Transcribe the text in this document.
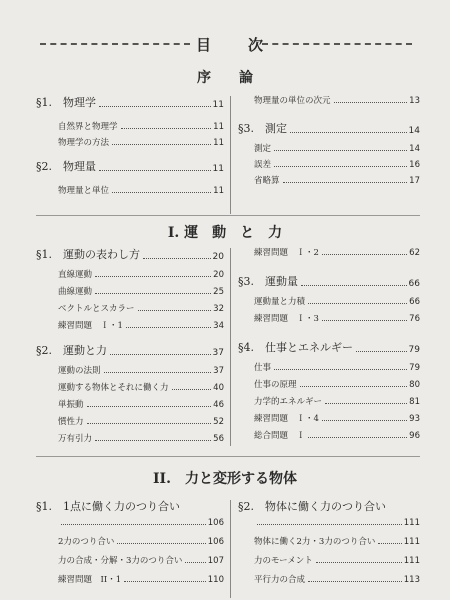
目 次
序　　論
§1.　物理学	11
自然界と物理学	11
物理学の方法	11
§2.　物理量	11
物理量と単位	11
物理量の単位の次元	13
§3.　測定	14
測定	14
誤差	16
省略算	17
I. 運　動　と　力
§1.　運動の表わし方	20
直線運動	20
曲線運動	25
ベクトルとスカラー	32
練習問題　Ｉ・1	34
§2.　運動と力	37
運動の法則	37
運動する物体とそれに働く力	40
単振動	46
慣性力	52
万有引力	56
練習問題　Ｉ・2	62
§3.　運動量	66
運動量と力積	66
練習問題　Ｉ・3	76
§4.　仕事とエネルギー	79
仕事	79
仕事の原理	80
力学的エネルギー	81
練習問題　Ｉ・4	93
総合問題　Ｉ	96
II.　力と変形する物体
§1.　1点に働く力のつり合い
106
2力のつり合い	106
力の合成・分解・3力のつり合い	107
練習問題　II・1	110
§2.　物体に働く力のつり合い
111
物体に働く2力・3力のつり合い	111
力のモーメント	111
平行力の合成	113
